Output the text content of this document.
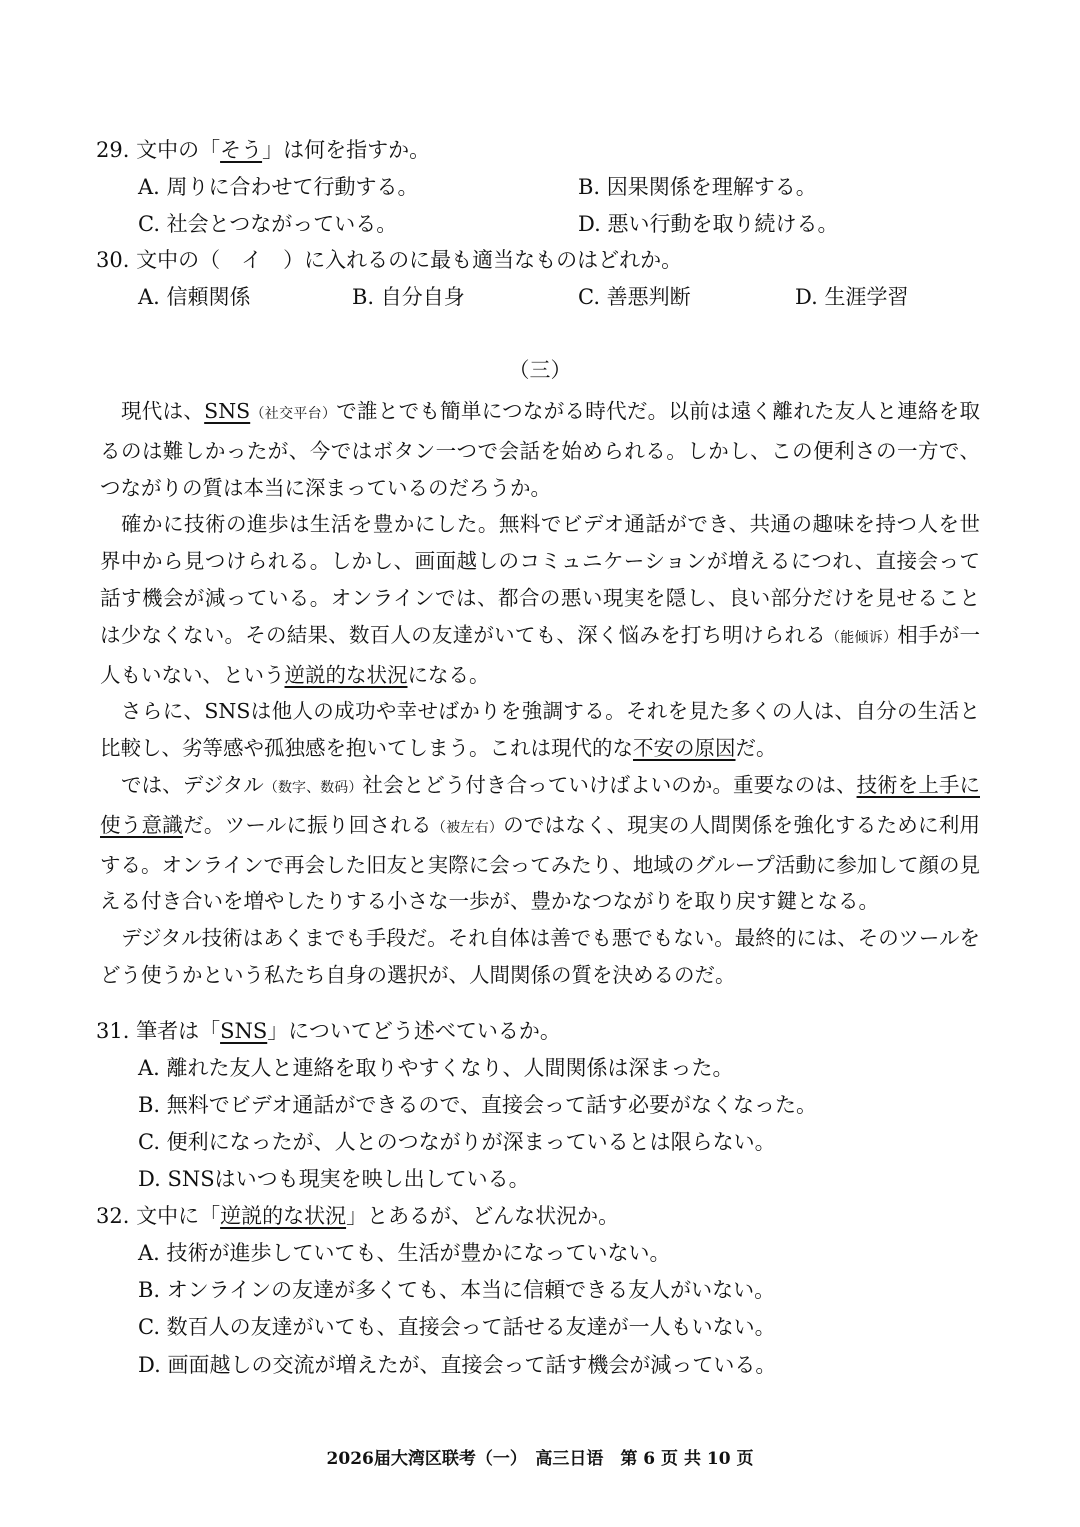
29. 文中の「そう」は何を指すか。
A. 周りに合わせて行動する。	B. 因果関係を理解する。
C. 社会とつながっている。	D. 悪い行動を取り続ける。
30. 文中の（　イ　）に入れるのに最も適当なものはどれか。
A. 信頼関係	B. 自分自身	C. 善悪判断	D. 生涯学習
（三）

現代は、SNS（社交平台）で誰とでも簡単につながる時代だ。以前は遠く離れた友人と連絡を取るのは難しかったが、今ではボタン一つで会話を始められる。しかし、この便利さの一方で、つながりの質は本当に深まっているのだろうか。

確かに技術の進歩は生活を豊かにした。無料でビデオ通話ができ、共通の趣味を持つ人を世界中から見つけられる。しかし、画面越しのコミュニケーションが増えるにつれ、直接会って話す機会が減っている。オンラインでは、都合の悪い現実を隠し、良い部分だけを見せることは少なくない。その結果、数百人の友達がいても、深く悩みを打ち明けられる（能倾诉）相手が一人もいない、という逆説的な状況になる。

さらに、SNSは他人の成功や幸せばかりを強調する。それを見た多くの人は、自分の生活と比較し、劣等感や孤独感を抱いてしまう。これは現代的な不安の原因だ。

では、デジタル（数字、数码）社会とどう付き合っていけばよいのか。重要なのは、技術を上手に使う意識だ。ツールに振り回される（被左右）のではなく、現実の人間関係を強化するために利用する。オンラインで再会した旧友と実際に会ってみたり、地域のグループ活動に参加して顔の見える付き合いを増やしたりする小さな一歩が、豊かなつながりを取り戻す鍵となる。

デジタル技術はあくまでも手段だ。それ自体は善でも悪でもない。最終的には、そのツールをどう使うかという私たち自身の選択が、人間関係の質を決めるのだ。

31. 筆者は「SNS」についてどう述べているか。
A. 離れた友人と連絡を取りやすくなり、人間関係は深まった。
B. 無料でビデオ通話ができるので、直接会って話す必要がなくなった。
C. 便利になったが、人とのつながりが深まっているとは限らない。
D. SNSはいつも現実を映し出している。
32. 文中に「逆説的な状況」とあるが、どんな状況か。
A. 技術が進歩していても、生活が豊かになっていない。
B. オンラインの友達が多くても、本当に信頼できる友人がいない。
C. 数百人の友達がいても、直接会って話せる友達が一人もいない。
D. 画面越しの交流が増えたが、直接会って話す機会が減っている。
2026届大湾区联考（一）　高三日语　第 6 页 共 10 页
